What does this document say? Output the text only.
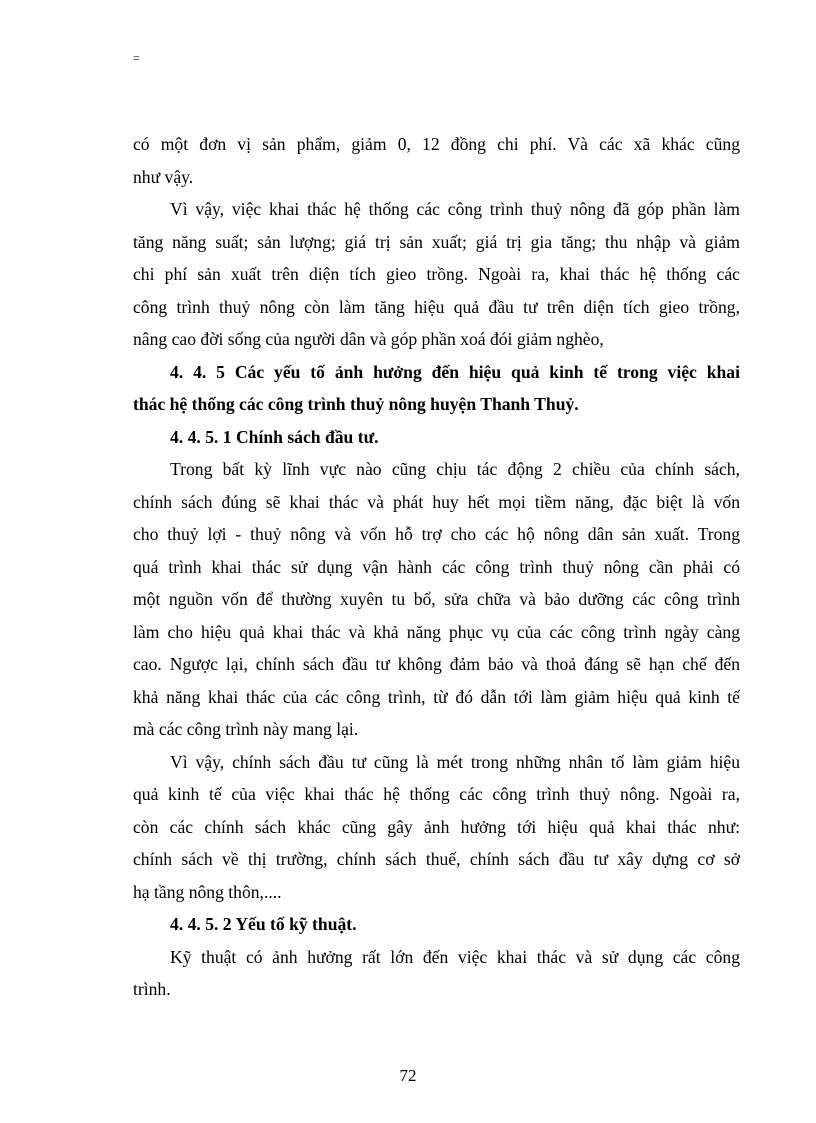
=
có một đơn vị sản phẩm, giảm 0, 12 đồng chi phí. Và các xã khác cũng
như vậy.
Vì vậy, việc khai thác hệ thống các công trình thuỷ nông đã góp phần làm
tăng năng suất; sản lượng; giá trị sản xuất; giá trị gia tăng; thu nhập và giảm
chi phí sản xuất trên diện tích gieo trồng. Ngoài ra, khai thác hệ thống các
công trình thuỷ nông còn làm tăng hiệu quả đầu tư trên diện tích gieo trồng,
nâng cao đời sống của người dân và góp phần xoá đói giảm nghèo,
4. 4. 5 Các yếu tố ảnh hưởng đến hiệu quả kinh tế trong việc khai
thác hệ thống các công trình thuỷ nông huyện Thanh Thuỷ.
4. 4. 5. 1 Chính sách đầu tư.
Trong bất kỳ lĩnh vực nào cũng chịu tác động 2 chiều của chính sách,
chính sách đúng sẽ khai thác và phát huy hết mọi tiềm năng, đặc biệt là vốn
cho thuỷ lợi - thuỷ nông và vốn hỗ trợ cho các hộ nông dân sản xuất. Trong
quá trình khai thác sử dụng vận hành các công trình thuỷ nông cần phải có
một nguồn vốn để thường xuyên tu bổ, sửa chữa và bảo dưỡng các công trình
làm cho hiệu quả khai thác và khả năng phục vụ của các công trình ngày càng
cao. Ngược lại, chính sách đầu tư không đảm bảo và thoả đáng sẽ hạn chế đến
khả năng khai thác của các công trình, từ đó dẫn tới làm giảm hiệu quả kinh tế
mà các công trình này mang lại.
Vì vậy, chính sách đầu tư cũng là mét trong những nhân tố làm giảm hiệu
quả kinh tế của việc khai thác hệ thống các công trình thuỷ nông. Ngoài ra,
còn các chính sách khác cũng gây ảnh hưởng tới hiệu quả khai thác như:
chính sách về thị trường, chính sách thuế, chính sách đầu tư xây dựng cơ sở
hạ tầng nông thôn,....
4. 4. 5. 2 Yếu tố kỹ thuật.
Kỹ thuật có ảnh hưởng rất lớn đến việc khai thác và sử dụng các công
trình.
72
